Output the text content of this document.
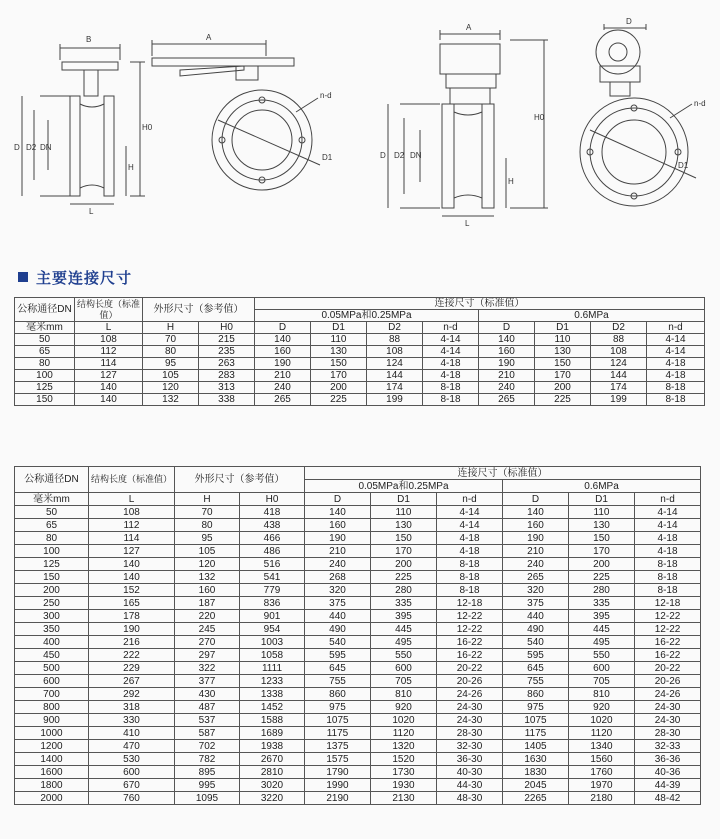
B
D D2 DN
L
H
H0
A
n-d
D1
A
D D2 DN
L
H
H0
D
n-d
D1
主要连接尺寸
公称通径DN	结构长度（标准值）	外形尺寸（参考值）		连接尺寸（标准值）							
				0.05MPa和0.25MPa				0.6MPa			
毫米mm	L	H	H0	D	D1	D2	n-d	D	D1	D2	n-d
50	108	70	215	140	110	88	4-14	140	110	88	4-14
65	112	80	235	160	130	108	4-14	160	130	108	4-14
80	114	95	263	190	150	124	4-18	190	150	124	4-18
100	127	105	283	210	170	144	4-18	210	170	144	4-18
125	140	120	313	240	200	174	8-18	240	200	174	8-18
150	140	132	338	265	225	199	8-18	265	225	199	8-18
公称通径DN	结构长度（标准值）	外形尺寸（参考值）		连接尺寸（标准值）					
				0.05MPa和0.25MPa			0.6MPa		
毫米mm	L	H	H0	D	D1	n-d	D	D1	n-d
50	108	70	418	140	110	4-14	140	110	4-14
65	112	80	438	160	130	4-14	160	130	4-14
80	114	95	466	190	150	4-18	190	150	4-18
100	127	105	486	210	170	4-18	210	170	4-18
125	140	120	516	240	200	8-18	240	200	8-18
150	140	132	541	268	225	8-18	265	225	8-18
200	152	160	779	320	280	8-18	320	280	8-18
250	165	187	836	375	335	12-18	375	335	12-18
300	178	220	901	440	395	12-22	440	395	12-22
350	190	245	954	490	445	12-22	490	445	12-22
400	216	270	1003	540	495	16-22	540	495	16-22
450	222	297	1058	595	550	16-22	595	550	16-22
500	229	322	1111	645	600	20-22	645	600	20-22
600	267	377	1233	755	705	20-26	755	705	20-26
700	292	430	1338	860	810	24-26	860	810	24-26
800	318	487	1452	975	920	24-30	975	920	24-30
900	330	537	1588	1075	1020	24-30	1075	1020	24-30
1000	410	587	1689	1175	1120	28-30	1175	1120	28-30
1200	470	702	1938	1375	1320	32-30	1405	1340	32-33
1400	530	782	2670	1575	1520	36-30	1630	1560	36-36
1600	600	895	2810	1790	1730	40-30	1830	1760	40-36
1800	670	995	3020	1990	1930	44-30	2045	1970	44-39
2000	760	1095	3220	2190	2130	48-30	2265	2180	48-42
